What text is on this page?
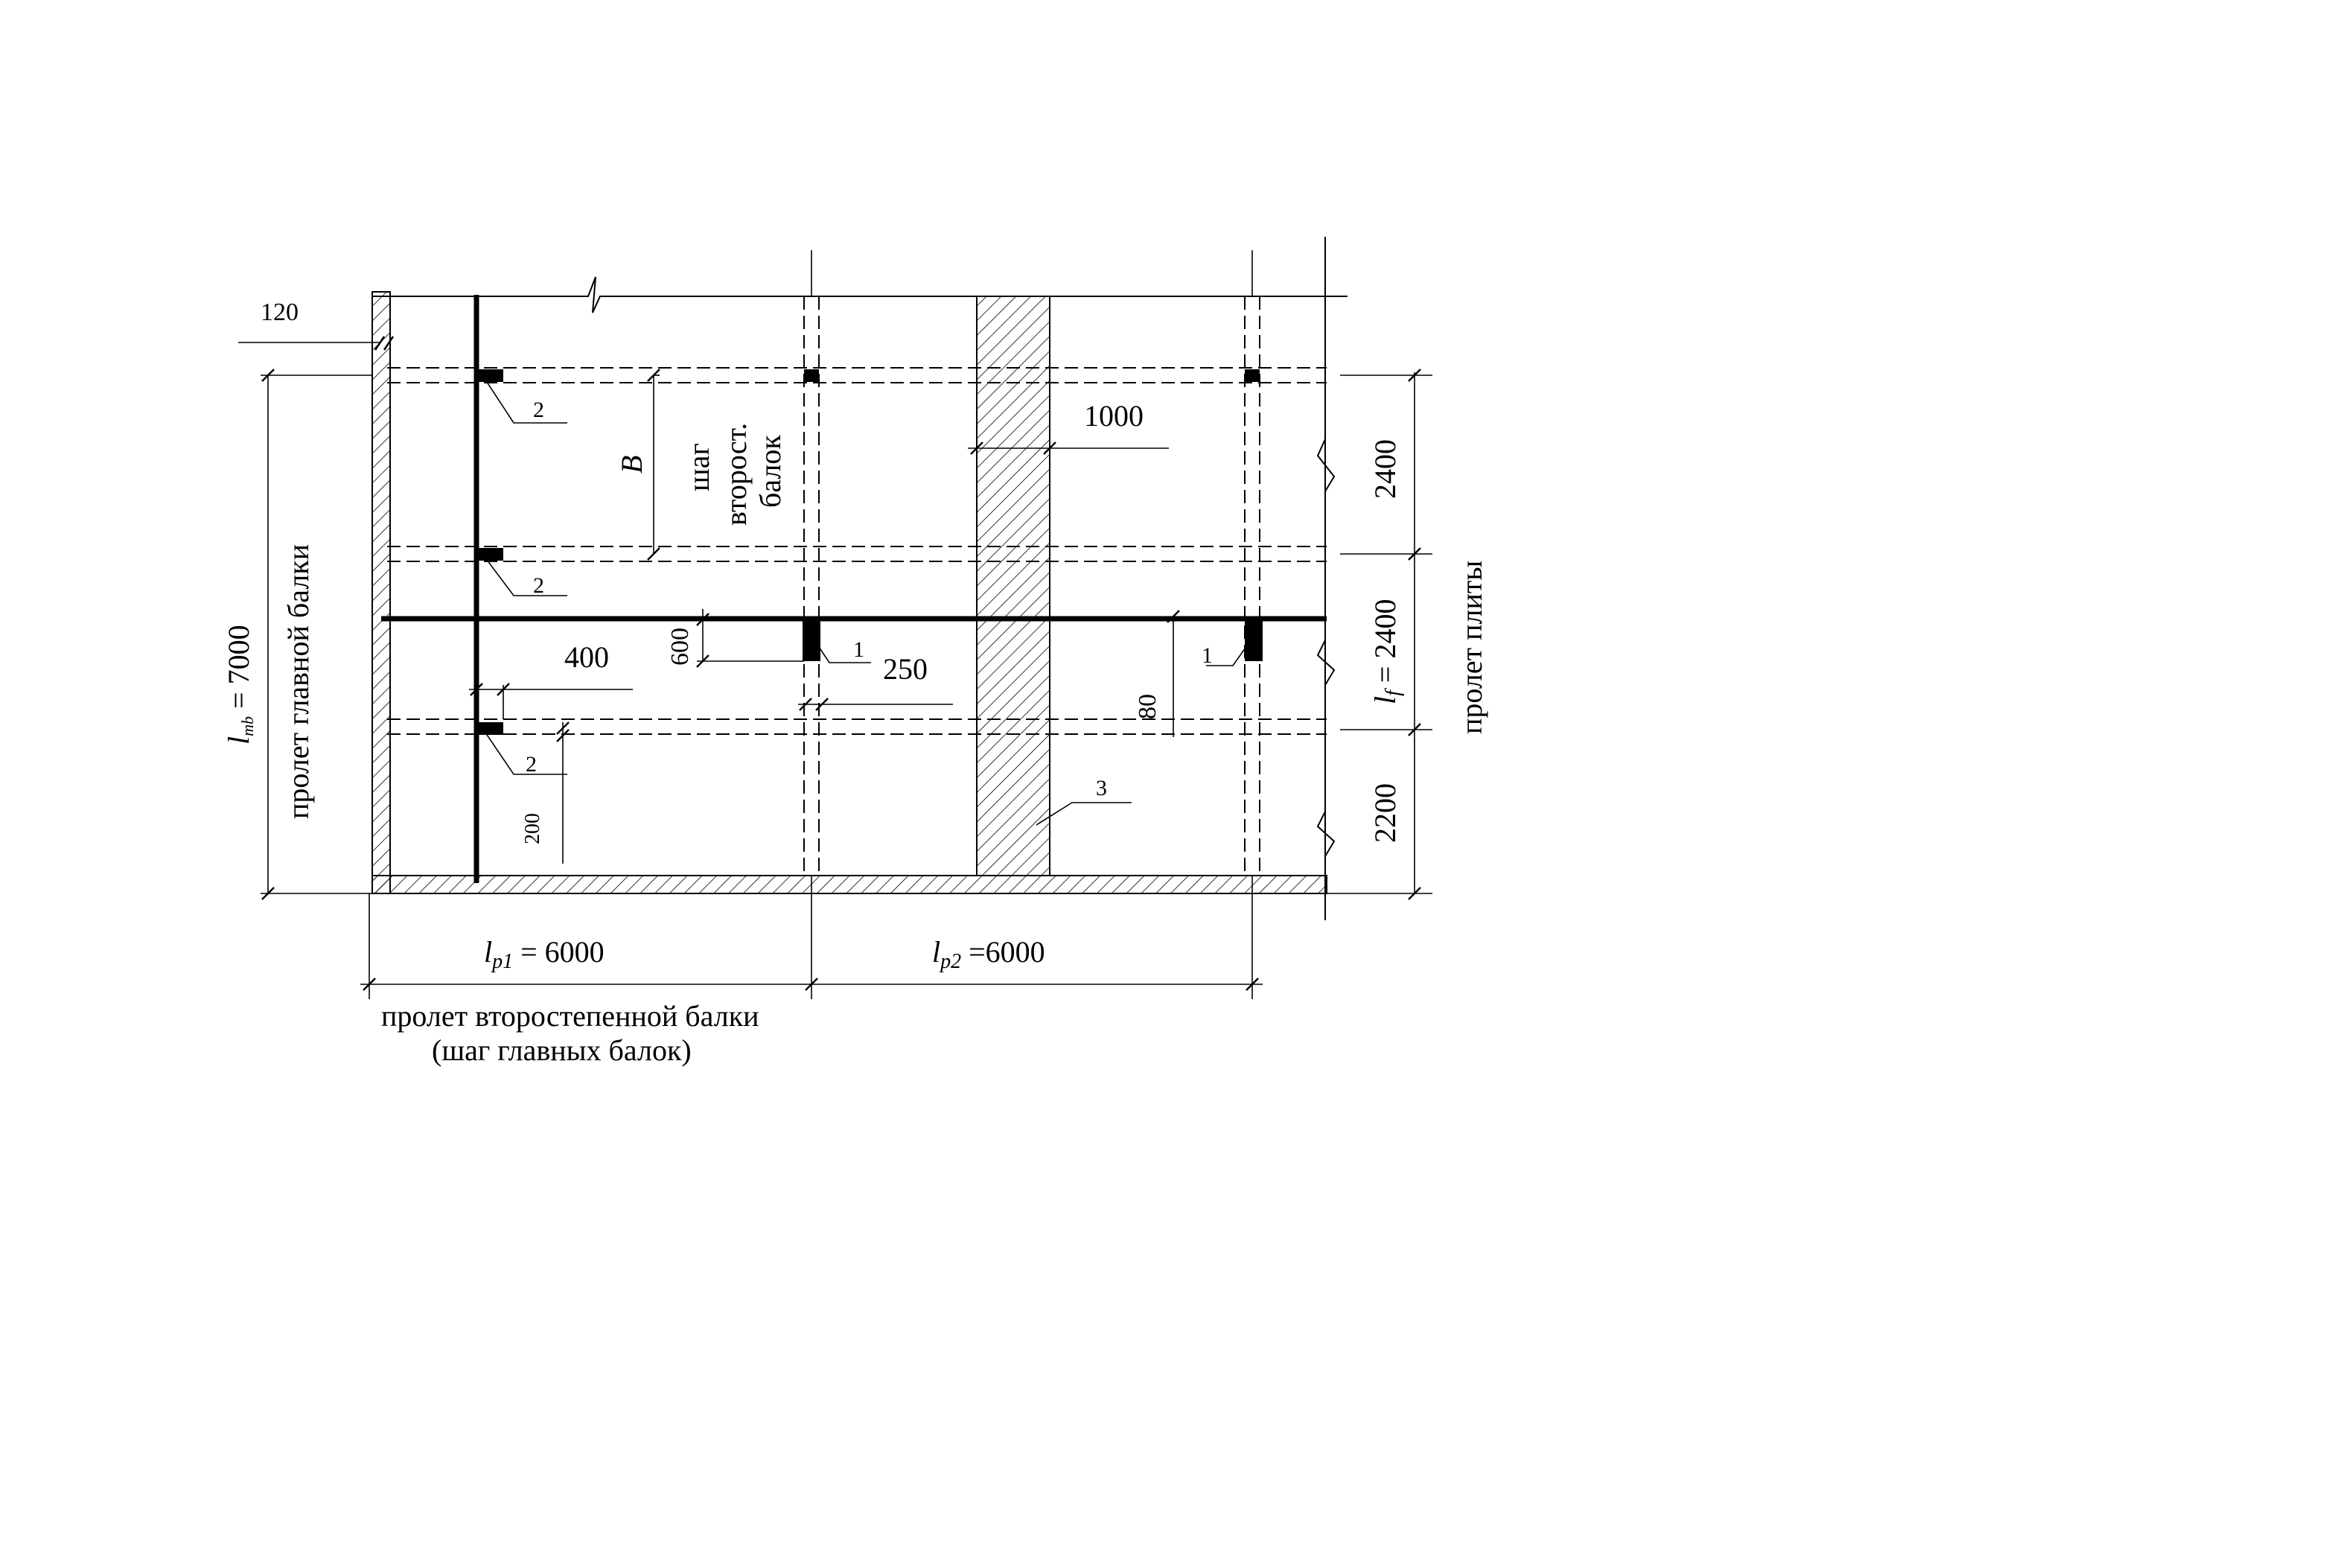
120
400 600
250
80
200
1000
2400
2200
lf = 2400
lmb = 7000 пролет главной балки	пролет плиты
$l_{p1} = 6000$	$l_{p2} =6000$
пролет второстепенной балки
(шаг главных балок)
B шаг второст. балок
2
2
2
1	1
3
